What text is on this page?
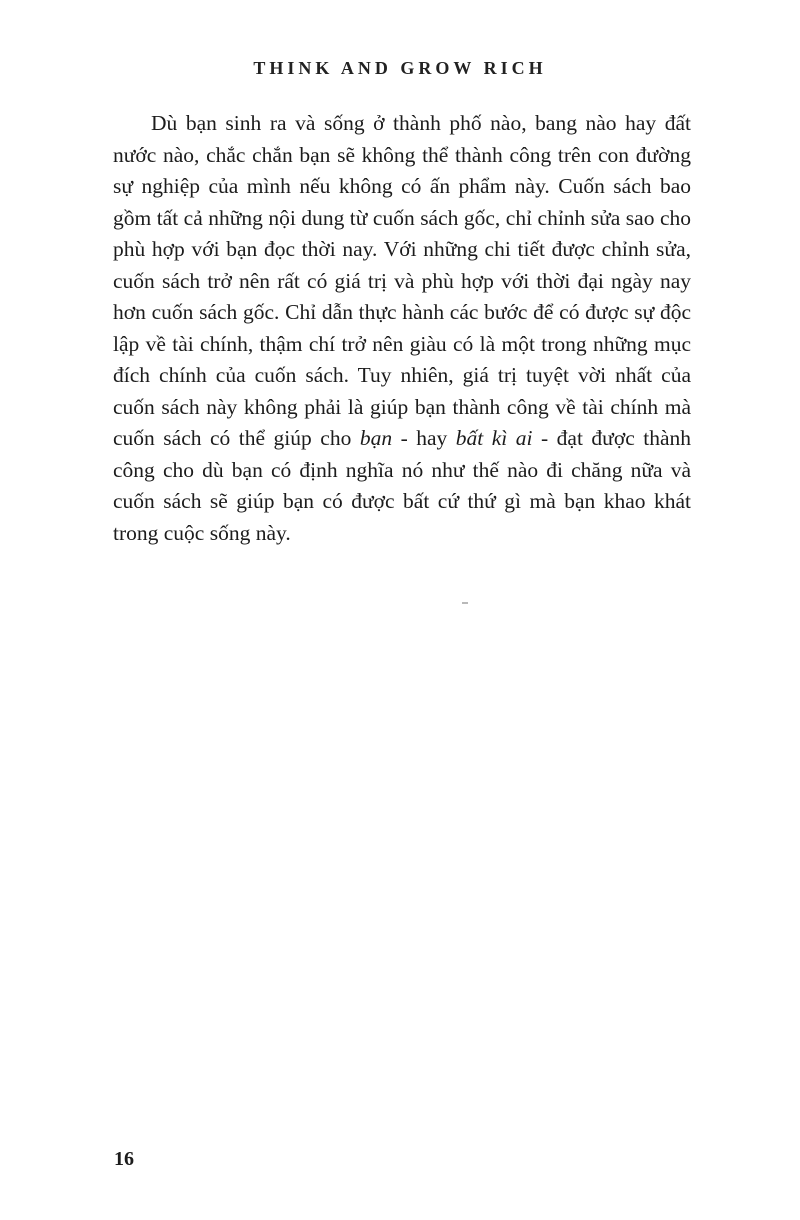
THINK AND GROW RICH

Dù bạn sinh ra và sống ở thành phố nào, bang nào hay đất nước nào, chắc chắn bạn sẽ không thể thành công trên con đường sự nghiệp của mình nếu không có ấn phẩm này. Cuốn sách bao gồm tất cả những nội dung từ cuốn sách gốc, chỉ chỉnh sửa sao cho phù hợp với bạn đọc thời nay. Với những chi tiết được chỉnh sửa, cuốn sách trở nên rất có giá trị và phù hợp với thời đại ngày nay hơn cuốn sách gốc. Chỉ dẫn thực hành các bước để có được sự độc lập về tài chính, thậm chí trở nên giàu có là một trong những mục đích chính của cuốn sách. Tuy nhiên, giá trị tuyệt vời nhất của cuốn sách này không phải là giúp bạn thành công về tài chính mà cuốn sách có thể giúp cho bạn - hay bất kì ai - đạt được thành công cho dù bạn có định nghĩa nó như thế nào đi chăng nữa và cuốn sách sẽ giúp bạn có được bất cứ thứ gì mà bạn khao khát trong cuộc sống này.

16
